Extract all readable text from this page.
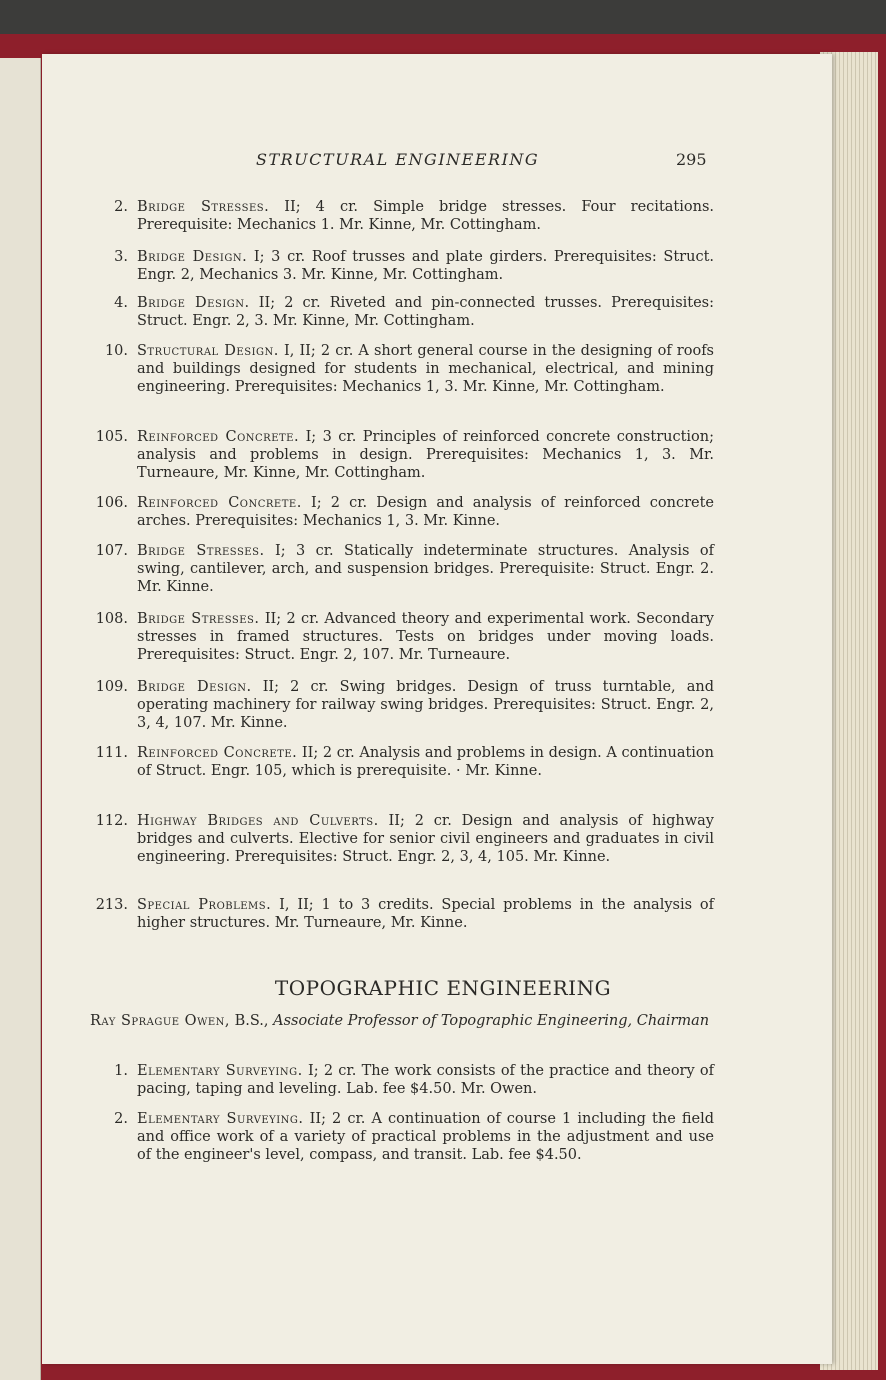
STRUCTURAL ENGINEERING	295
2. Bridge Stresses. II; 4 cr. Simple bridge stresses. Four recitations. Prerequisite: Mechanics 1. Mr. Kinne, Mr. Cottingham.
3. Bridge Design. I; 3 cr. Roof trusses and plate girders. Prerequisites: Struct. Engr. 2, Mechanics 3. Mr. Kinne, Mr. Cottingham.
4. Bridge Design. II; 2 cr. Riveted and pin-connected trusses. Prerequisites: Struct. Engr. 2, 3. Mr. Kinne, Mr. Cottingham.
10. Structural Design. I, II; 2 cr. A short general course in the designing of roofs and buildings designed for students in mechanical, electrical, and mining engineering. Prerequisites: Mechanics 1, 3. Mr. Kinne, Mr. Cottingham.
105. Reinforced Concrete. I; 3 cr. Principles of reinforced concrete construction; analysis and problems in design. Prerequisites: Mechanics 1, 3. Mr. Turneaure, Mr. Kinne, Mr. Cottingham.
106. Reinforced Concrete. I; 2 cr. Design and analysis of reinforced concrete arches. Prerequisites: Mechanics 1, 3. Mr. Kinne.
107. Bridge Stresses. I; 3 cr. Statically indeterminate structures. Analysis of swing, cantilever, arch, and suspension bridges. Prerequisite: Struct. Engr. 2. Mr. Kinne.
108. Bridge Stresses. II; 2 cr. Advanced theory and experimental work. Secondary stresses in framed structures. Tests on bridges under moving loads. Prerequisites: Struct. Engr. 2, 107. Mr. Turneaure.
109. Bridge Design. II; 2 cr. Swing bridges. Design of truss turntable, and operating machinery for railway swing bridges. Prerequisites: Struct. Engr. 2, 3, 4, 107. Mr. Kinne.
111. Reinforced Concrete. II; 2 cr. Analysis and problems in design. A continuation of Struct. Engr. 105, which is prerequisite. · Mr. Kinne.
112. Highway Bridges and Culverts. II; 2 cr. Design and analysis of highway bridges and culverts. Elective for senior civil engineers and graduates in civil engineering. Prerequisites: Struct. Engr. 2, 3, 4, 105. Mr. Kinne.
213. Special Problems. I, II; 1 to 3 credits. Special problems in the analysis of higher structures. Mr. Turneaure, Mr. Kinne.
TOPOGRAPHIC ENGINEERING
Ray Sprague Owen, B.S., Associate Professor of Topographic Engineering, Chairman
1. Elementary Surveying. I; 2 cr. The work consists of the practice and theory of pacing, taping and leveling. Lab. fee $4.50. Mr. Owen.
2. Elementary Surveying. II; 2 cr. A continuation of course 1 including the field and office work of a variety of practical problems in the adjustment and use of the engineer's level, compass, and transit. Lab. fee $4.50.
